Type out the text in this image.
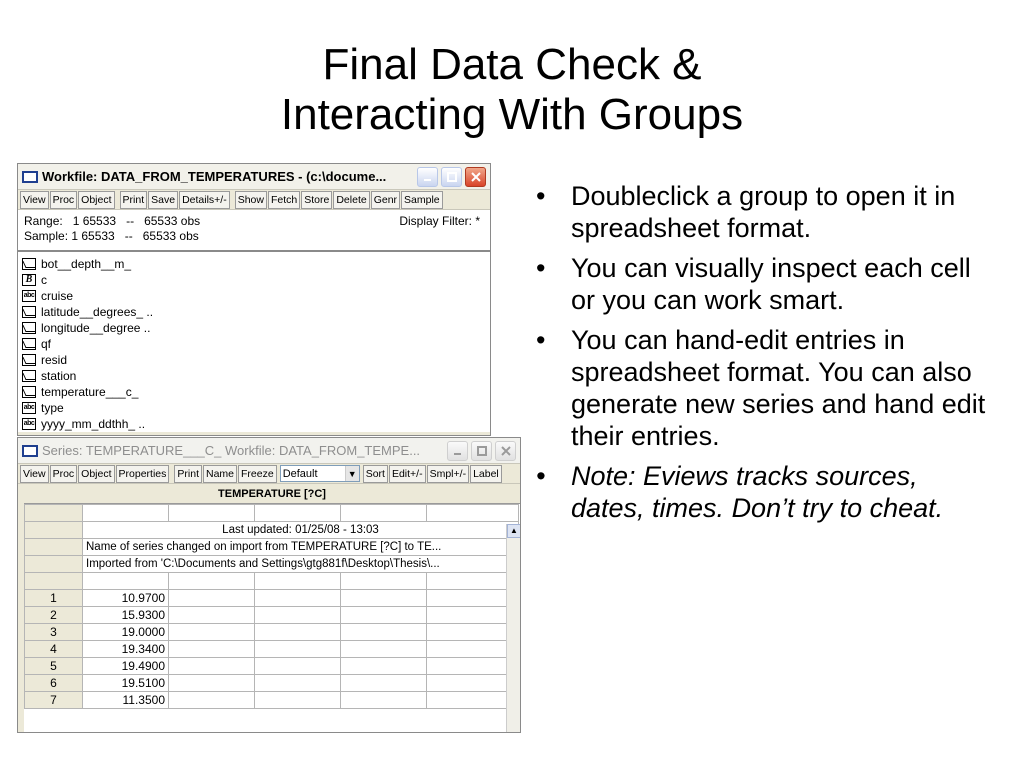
Final Data Check &
Interacting With Groups
Workfile: DATA_FROM_TEMPERATURES - (c:\docume...
View Proc Object Print Save Details+/- Show Fetch Store Delete Genr Sample
Range:   1 65533   --   65533 obs
Sample: 1 65533   --   65533 obs
Display Filter: *
bot__depth__m_
B c
abc cruise
latitude__degrees_ ..
longitude__degree ..
qf
resid
station
temperature___c_
abc type
abc yyyy_mm_ddthh_ ..
Series: TEMPERATURE___C_ Workfile: DATA_FROM_TEMPE...
View Proc Object Properties Print Name Freeze Default	▼ Sort Edit+/- Smpl+/- Label
TEMPERATURE [?C]

	Last updated: 01/25/08 - 13:03				
	Name of series changed on import from TEMPERATURE [?C] to TE...				
	Imported from 'C:\Documents and Settings\gtg881f\Desktop\Thesis\...				

1	10.9700				
2	15.9300				
3	19.0000				
4	19.3400				
5	19.4900				
6	19.5100				
7	11.3500				
▲
• Doubleclick a group to open it in spreadsheet format.
• You can visually inspect each cell or you can work smart.
• You can hand-edit entries in spreadsheet format. You can also generate new series and hand edit their entries.
• Note: Eviews tracks sources, dates, times. Don’t try to cheat.
